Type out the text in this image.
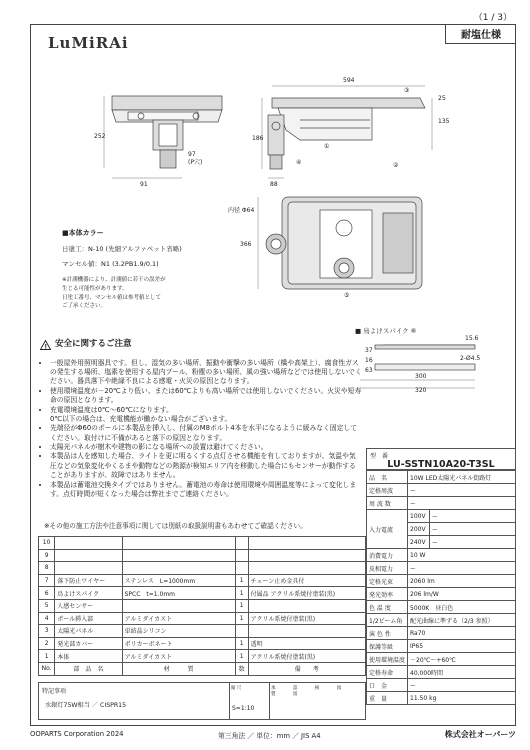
（1 / 3）
LuMiRAi	耐塩仕様
594
25
135
252
97
(P穴)
91
186
88
内径 Φ64
366
15.6
37
16
63
2-Ø4.5
300
320
①
②
③
④
⑤
■ 鳥よけスパイク ⑥
■本体カラー
日塗工：N-10 (先細アルファペット省略)
マンセル値：N1 (3.2PB1.9/0.1)
※計測機器により、計測値に若干の誤差が
生じる可能性があります。
日塗工番号、マンセル値は参考値として
ご了承ください。
! 安全に関するご注意
• 一般屋外用照明器具です。但し、湿気の多い場所、振動や衝撃の多い場所（橋や高架上）、腐食性ガスの発生する場所、塩素を使用する屋内プール、粉塵の多い場所、風の強い場所などでは使用しないでください。器具落下や絶縁不良による感電・火災の原因となります。
• 使用環境温度が－20℃より低い、または60℃よりも高い場所では使用しないでください。火災や短寿命の原因となります。
• 充電環境温度は0℃〜60℃になります。
0℃以下の場合は、充電機能が働かない場合がございます。
• 先端径がΦ60のポールに本製品を挿入し、付属のM8ボルト4本を水平になるように緩みなく固定してください。取付けに不備があると落下の原因となります。
• 太陽光パネルが樹木や建物の影になる場所への設置は避けてください。
• 本製品は人を感知した場合、ライトを更に明るくする点灯させる機能を有しておりますが、気温や気圧などの気象変化やくるまや動物などの熱源が検知エリア内を移動した場合にもセンサーが動作することがありますが、故障ではありません。
• 本製品は蓄電池交換タイプではありません。蓄電池の寿命は使用環境や周囲温度等によって変化します。点灯時間が短くなった場合は弊社までご連絡ください。
※その他の施工方法や注意事項に関しては別紙の取扱説明書もあわせてご確認ください。
10				
9				
8				
7	落下防止ワイヤー	ステンレス　L=1000mm	1	チェーン止め金具付
6	鳥よけスパイク	SPCC　t=1.0mm	1	付属品 アクリル系焼付塗装(黒)
5	人感センサー		1	
4	ポール挿入部	アルミダイカスト	1	アクリル系焼付塗装(黒)
3	太陽光パネル	単結晶シリコン		
2	発光部カバー	ポリカーボネート	1	透明
1	本体	アルミダイカスト	1	アクリル系焼付塗装(黒)
No.	部　品　名	材　　　質	数	備　　考
特記事項
水銀灯75W相当 ／ CISPR15
縮 尺
S=1:10
承 認 検 図 製 図
型　番
LU-SSTN10A20-T3SL
品　名	10W LED太陽光パネル街路灯	
定格周波	ー	
周 波 数	ー	
入力電流	100V	ー
	200V	ー
	240V	ー
消費電力	10 W	
皮相電力	ー	
定格光束	2060 lm	
発光効率	206 lm/W	
色 温 度	5000K　昼白色	
1/2ビーム角	配光曲線に準ずる（2/3 参照）	
演 色 性	Ra70	
保護等級	IP65	
使用環境温度	－20℃〜+60℃	
定格寿命	40,000時間	
口　金	ー	
重　量	11.50 kg	
OOPARTS Corporation 2024	第三角法 ／ 単位：mm ／ JIS A4	株式会社オーパーツ
